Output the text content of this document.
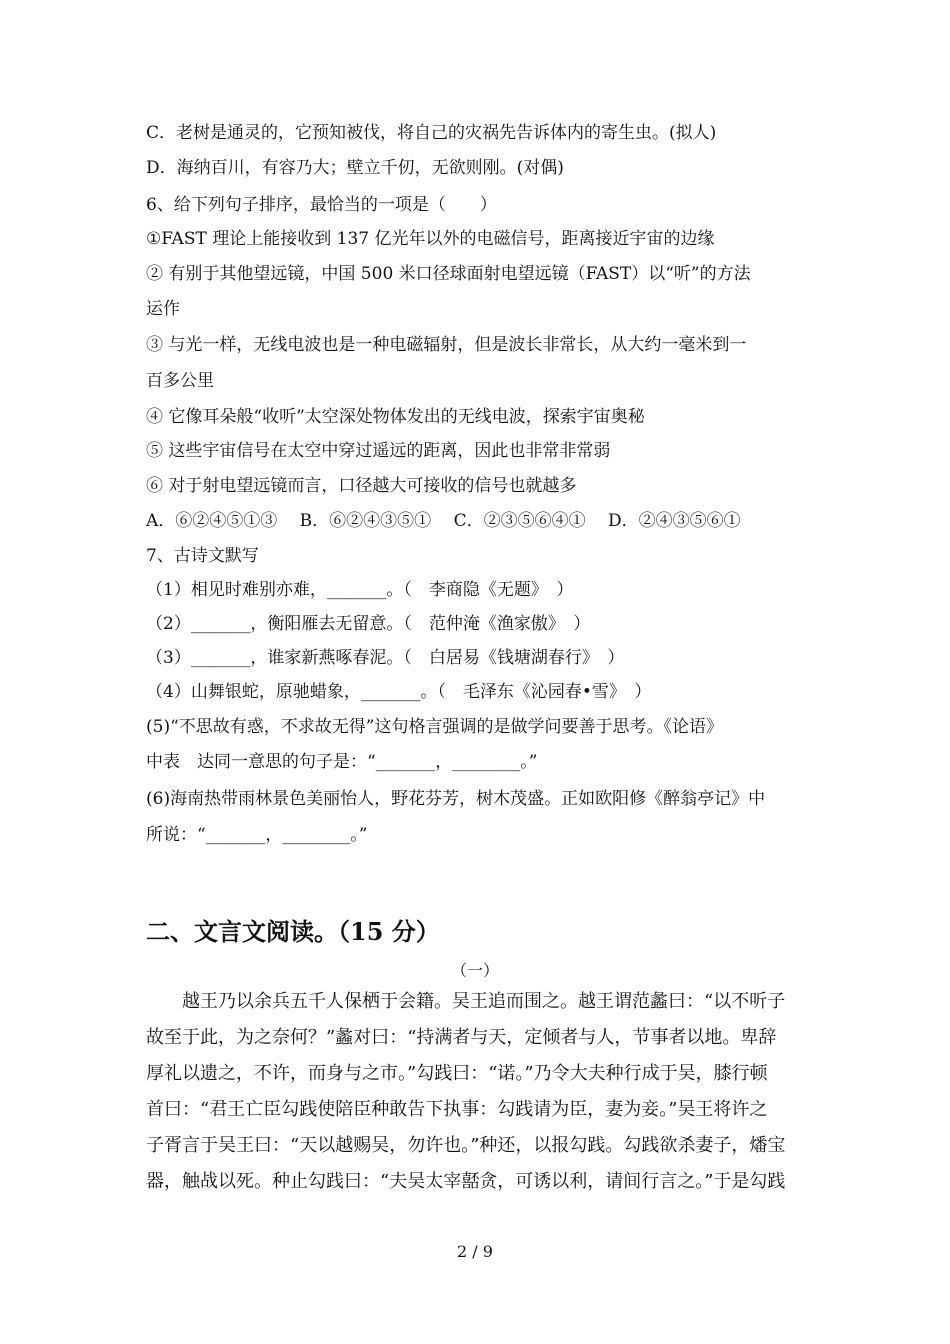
C．老树是通灵的，它预知被伐，将自己的灾祸先告诉体内的寄生虫。(拟人)
D．海纳百川，有容乃大；壁立千仞，无欲则刚。(对偶)
6、给下列句子排序，最恰当的一项是（　　）
①FAST 理论上能接收到 137 亿光年以外的电磁信号，距离接近宇宙的边缘
② 有别于其他望远镜，中国 500 米口径球面射电望远镜（FAST）以“听”的方法
运作
③ 与光一样，无线电波也是一种电磁辐射，但是波长非常长，从大约一毫米到一
百多公里
④ 它像耳朵般“收听”太空深处物体发出的无线电波，探索宇宙奥秘
⑤ 这些宇宙信号在太空中穿过遥远的距离，因此也非常非常弱
⑥ 对于射电望远镜而言，口径越大可接收的信号也就越多
A．⑥②④⑤①③　 B．⑥②④③⑤①　 C．②③⑤⑥④①　 D．②④③⑤⑥①
7、古诗文默写
（1）相见时难别亦难，_______。（　李商隐《无题》　）
（2）_______，衡阳雁去无留意。（　范仲淹《渔家傲》　）
（3）_______，谁家新燕啄春泥。（　白居易《钱塘湖春行》　）
（4）山舞银蛇，原驰蜡象，_______。（　毛泽东《沁园春•雪》　）
(5)“不思故有惑，不求故无得”这句格言强调的是做学问要善于思考。《论语》
中表　达同一意思的句子是：“_______，________。”
(6)海南热带雨林景色美丽怡人，野花芬芳，树木茂盛。正如欧阳修《醉翁亭记》中
所说：“_______，________。”
二、文言文阅读。（15 分）
（一）
　　越王乃以余兵五千人保栖于会籍。吴王追而围之。越王谓范蠡曰：“以不听子
故至于此，为之奈何？”蠡对曰：“持满者与天，定倾者与人，节事者以地。卑辞
厚礼以遗之，不许，而身与之市。”勾践曰：“诺。”乃令大夫种行成于吴，膝行顿
首曰：“君王亡臣勾践使陪臣种敢告下执事：勾践请为臣，妻为妾。”吴王将许之
子胥言于吴王曰：“天以越赐吴，勿许也。”种还，以报勾践。勾践欲杀妻子，燔宝
器，触战以死。种止勾践曰：“夫吴太宰嚭贪，可诱以利，请间行言之。”于是勾践
2 / 9
